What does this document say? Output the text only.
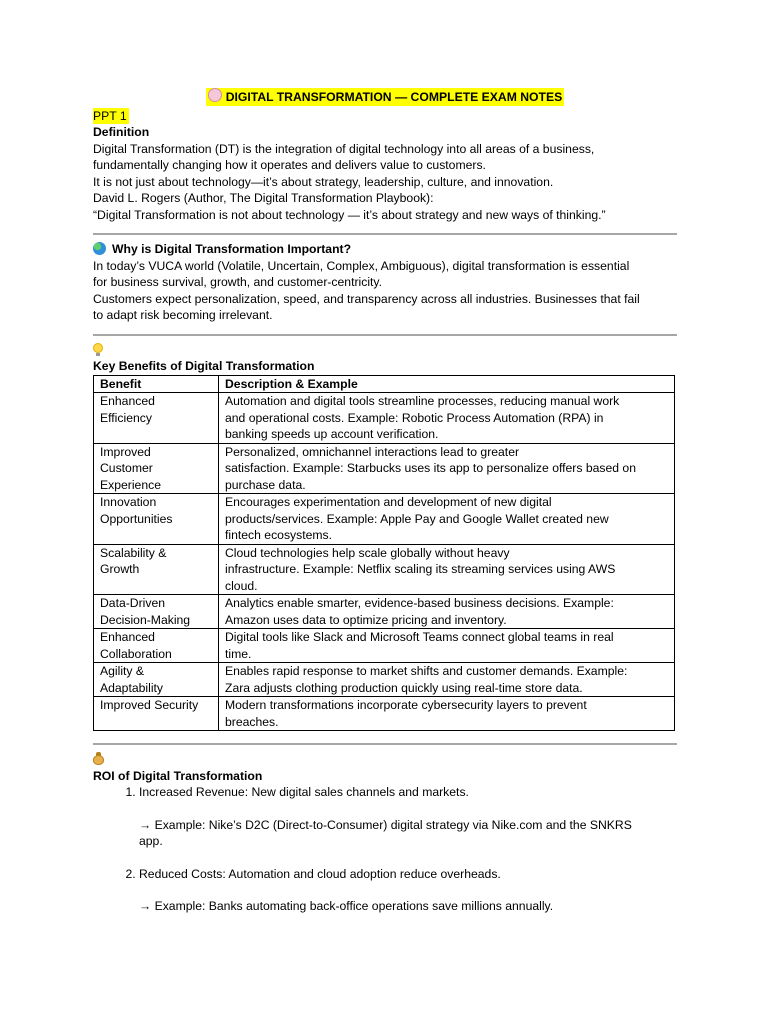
DIGITAL TRANSFORMATION — COMPLETE EXAM NOTES
PPT 1

Definition

Digital Transformation (DT) is the integration of digital technology into all areas of a business,

fundamentally changing how it operates and delivers value to customers.

It is not just about technology—it’s about strategy, leadership, culture, and innovation.

David L. Rogers (Author, The Digital Transformation Playbook):

“Digital Transformation is not about technology — it’s about strategy and new ways of thinking.”

Why is Digital Transformation Important?

In today’s VUCA world (Volatile, Uncertain, Complex, Ambiguous), digital transformation is essential

for business survival, growth, and customer-centricity.

Customers expect personalization, speed, and transparency across all industries. Businesses that fail

to adapt risk becoming irrelevant.

Key Benefits of Digital Transformation

Benefit	Description & Example
Enhanced
Efficiency	Automation and digital tools streamline processes, reducing manual work
and operational costs. Example: Robotic Process Automation (RPA) in
banking speeds up account verification.
Improved
Customer
Experience	Personalized, omnichannel interactions lead to greater
satisfaction. Example: Starbucks uses its app to personalize offers based on
purchase data.
Innovation
Opportunities	Encourages experimentation and development of new digital
products/services. Example: Apple Pay and Google Wallet created new
fintech ecosystems.
Scalability &
Growth	Cloud technologies help scale globally without heavy
infrastructure. Example: Netflix scaling its streaming services using AWS
cloud.
Data-Driven
Decision-Making	Analytics enable smarter, evidence-based business decisions. Example:
Amazon uses data to optimize pricing and inventory.
Enhanced
Collaboration	Digital tools like Slack and Microsoft Teams connect global teams in real
time.
Agility &
Adaptability	Enables rapid response to market shifts and customer demands. Example:
Zara adjusts clothing production quickly using real-time store data.
Improved Security	Modern transformations incorporate cybersecurity layers to prevent
breaches.

ROI of Digital Transformation

1. Increased Revenue: New digital sales channels and markets.
→ Example: Nike’s D2C (Direct-to-Consumer) digital strategy via Nike.com and the SNKRS
app.
2. Reduced Costs: Automation and cloud adoption reduce overheads.
→ Example: Banks automating back-office operations save millions annually.
